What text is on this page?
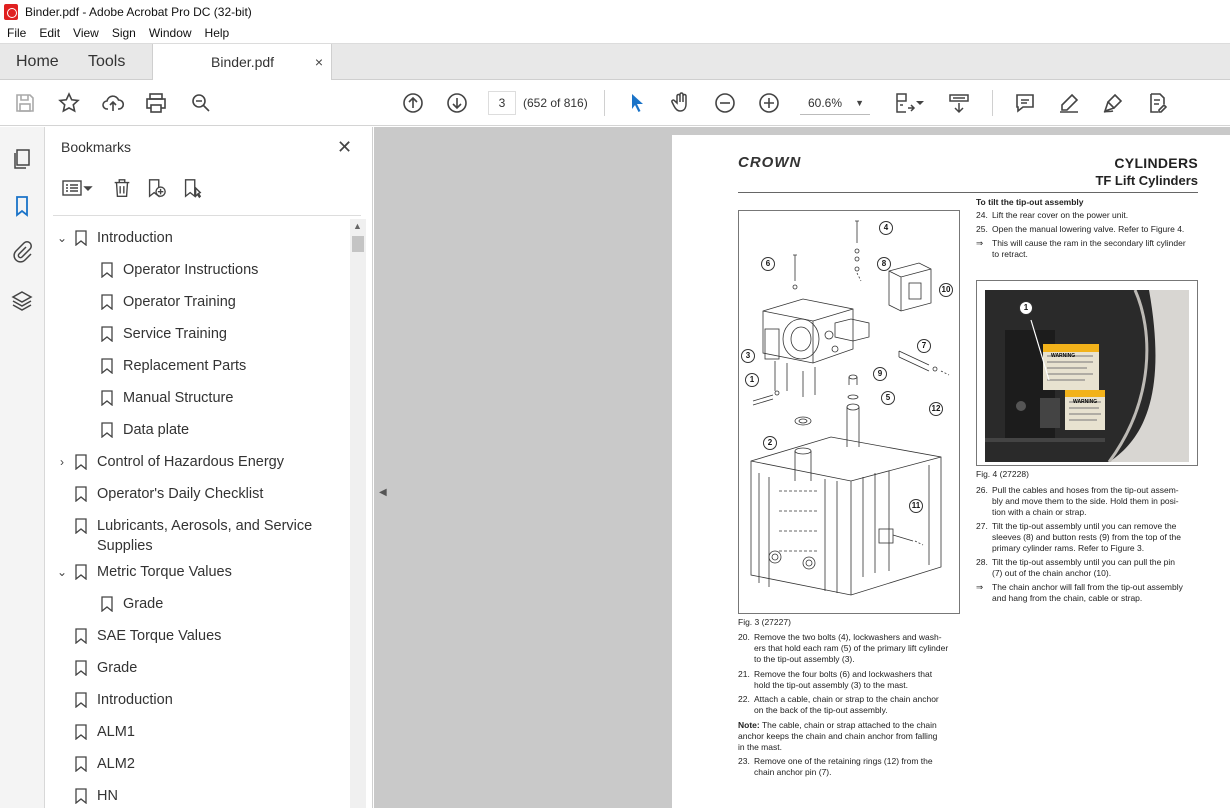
Binder.pdf - Adobe Acrobat Pro DC (32-bit)
File	Edit	View	Sign	Window	Help
Home Tools	Binder.pdf	×
3	(652 of 816)	60.6% ▼
Bookmarks	✕
⌄ Introduction
Operator Instructions
Operator Training
Service Training
Replacement Parts
Manual Structure
Data plate
›	Control of Hazardous Energy
Operator's Daily Checklist
Lubricants, Aerosols, and Service
Supplies
⌄ Metric Torque Values
Grade
SAE Torque Values
Grade
Introduction
ALM1
ALM2
HN
▲
◀
CROWN	CYLINDERS
TF Lift Cylinders
4
6	8
10
3
7
1
9
5
12
2
11
Fig. 3 (27227)
To tilt the tip-out assembly
24. Lift the rear cover on the power unit.
25. Open the manual lowering valve. Refer to Figure 4.
⇒ This will cause the ram in the secondary lift cylinder
to retract.
1
WARNING
WARNING
Fig. 4 (27228)
26. Pull the cables and hoses from the tip-out assem-
bly and move them to the side. Hold them in posi-
tion with a chain or strap.
27. Tilt the tip-out assembly until you can remove the
sleeves (8) and button rests (9) from the top of the
primary cylinder rams. Refer to Figure 3.
28. Tilt the tip-out assembly until you can pull the pin
(7) out of the chain anchor (10).
⇒ The chain anchor will fall from the tip-out assembly
and hang from the chain, cable or strap.
20. Remove the two bolts (4), lockwashers and wash-
ers that hold each ram (5) of the primary lift cylinder
to the tip-out assembly (3).
21. Remove the four bolts (6) and lockwashers that
hold the tip-out assembly (3) to the mast.
22. Attach a cable, chain or strap to the chain anchor
on the back of the tip-out assembly.
Note: The cable, chain or strap attached to the chain
anchor keeps the chain and chain anchor from falling
in the mast.
23. Remove one of the retaining rings (12) from the
chain anchor pin (7).
